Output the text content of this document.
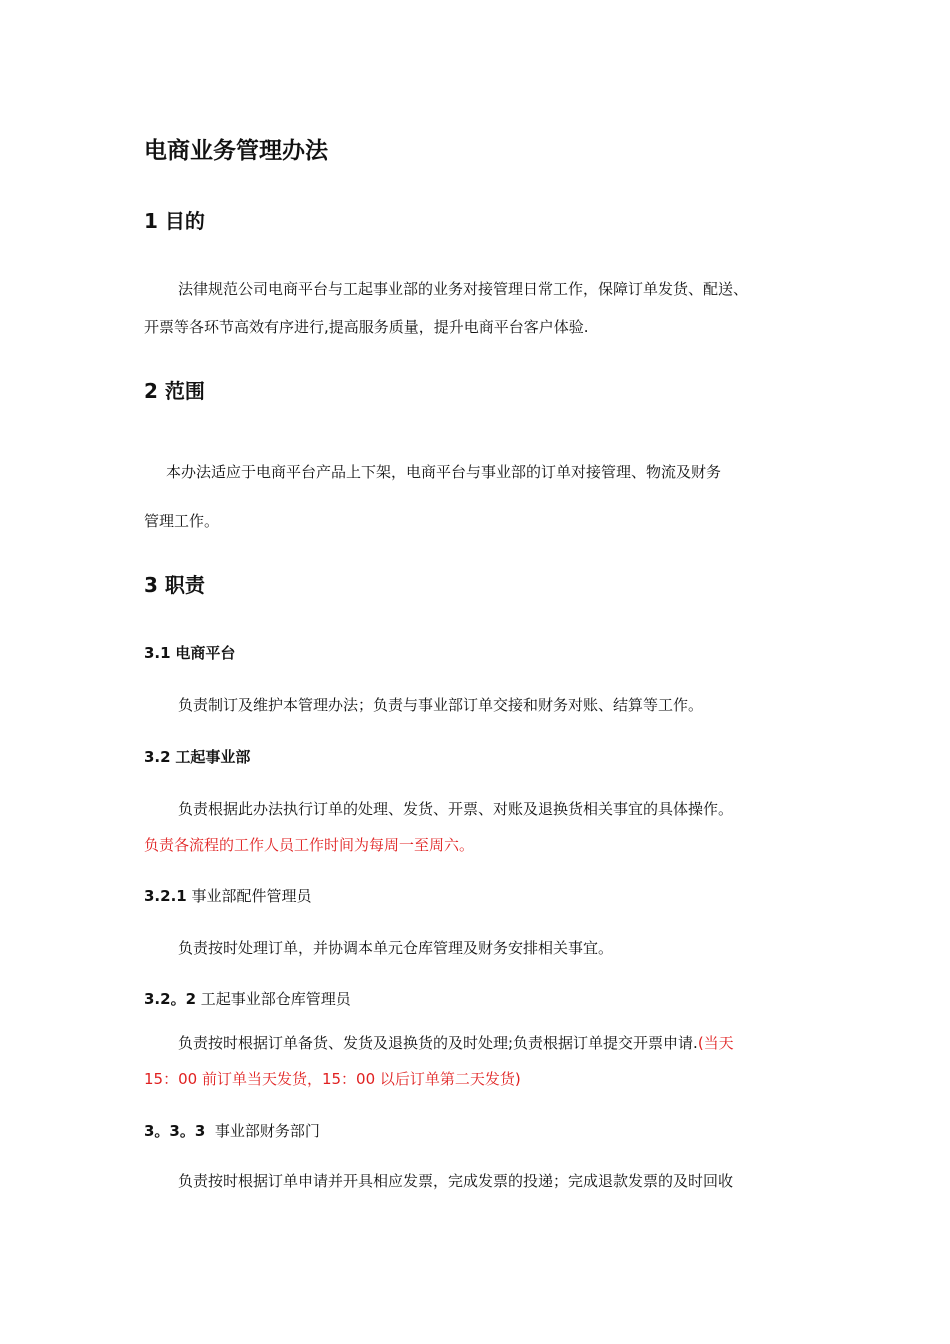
电商业务管理办法
1 目的
法律规范公司电商平台与工起事业部的业务对接管理日常工作，保障订单发货、配送、
开票等各环节高效有序进行,提高服务质量，提升电商平台客户体验.
2 范围
本办法适应于电商平台产品上下架，电商平台与事业部的订单对接管理、物流及财务
管理工作。
3 职责
3.1 电商平台
负责制订及维护本管理办法；负责与事业部订单交接和财务对账、结算等工作。
3.2 工起事业部
负责根据此办法执行订单的处理、发货、开票、对账及退换货相关事宜的具体操作。
负责各流程的工作人员工作时间为每周一至周六。
3.2.1 事业部配件管理员
负责按时处理订单，并协调本单元仓库管理及财务安排相关事宜。
3.2。2 工起事业部仓库管理员
负责按时根据订单备货、发货及退换货的及时处理;负责根据订单提交开票申请.(当天
15：00 前订单当天发货，15：00 以后订单第二天发货)
3。3。3 事业部财务部门
负责按时根据订单申请并开具相应发票，完成发票的投递；完成退款发票的及时回收
